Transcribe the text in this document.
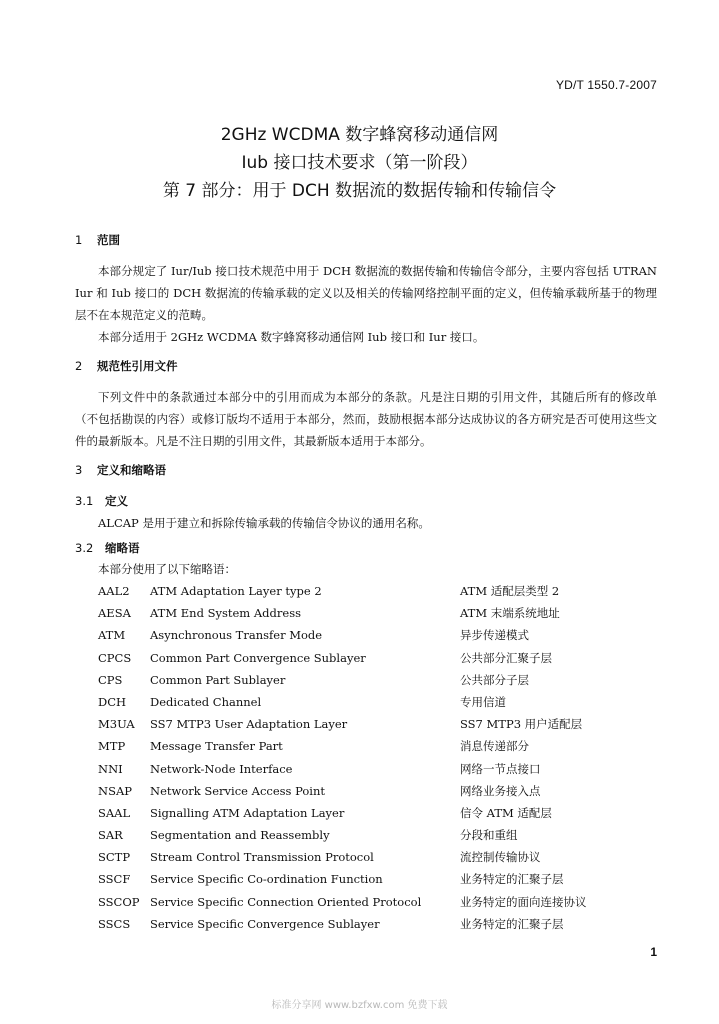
YD/T 1550.7-2007
2GHz WCDMA 数字蜂窝移动通信网
Iub 接口技术要求（第一阶段）
第 7 部分：用于 DCH 数据流的数据传输和传输信令
1 范围
本部分规定了 Iur/Iub 接口技术规范中用于 DCH 数据流的数据传输和传输信令部分，主要内容包括 UTRAN Iur 和 Iub 接口的 DCH 数据流的传输承载的定义以及相关的传输网络控制平面的定义，但传输承载所基于的物理层不在本规范定义的范畴。
本部分适用于 2GHz WCDMA 数字蜂窝移动通信网 Iub 接口和 Iur 接口。
2 规范性引用文件
下列文件中的条款通过本部分中的引用而成为本部分的条款。凡是注日期的引用文件，其随后所有的修改单（不包括勘误的内容）或修订版均不适用于本部分，然而，鼓励根据本部分达成协议的各方研究是否可使用这些文件的最新版本。凡是不注日期的引用文件，其最新版本适用于本部分。
3 定义和缩略语
3.1 定义
ALCAP 是用于建立和拆除传输承载的传输信令协议的通用名称。
3.2 缩略语
本部分使用了以下缩略语：
AAL2 ATM Adaptation Layer type 2	ATM 适配层类型 2
AESA ATM End System Address	ATM 末端系统地址
ATM Asynchronous Transfer Mode	异步传递模式
CPCS Common Part Convergence Sublayer	公共部分汇聚子层
CPS Common Part Sublayer	公共部分子层
DCH Dedicated Channel	专用信道
M3UA SS7 MTP3 User Adaptation Layer	SS7 MTP3 用户适配层
MTP Message Transfer Part	消息传递部分
NNI Network-Node Interface	网络一节点接口
NSAP Network Service Access Point	网络业务接入点
SAAL Signalling ATM Adaptation Layer	信令 ATM 适配层
SAR Segmentation and Reassembly	分段和重组
SCTP Stream Control Transmission Protocol	流控制传输协议
SSCF Service Specific Co-ordination Function	业务特定的汇聚子层
SSCOP Service Specific Connection Oriented Protocol	业务特定的面向连接协议
SSCS Service Specific Convergence Sublayer	业务特定的汇聚子层
1
标准分享网 www.bzfxw.com 免费下载
